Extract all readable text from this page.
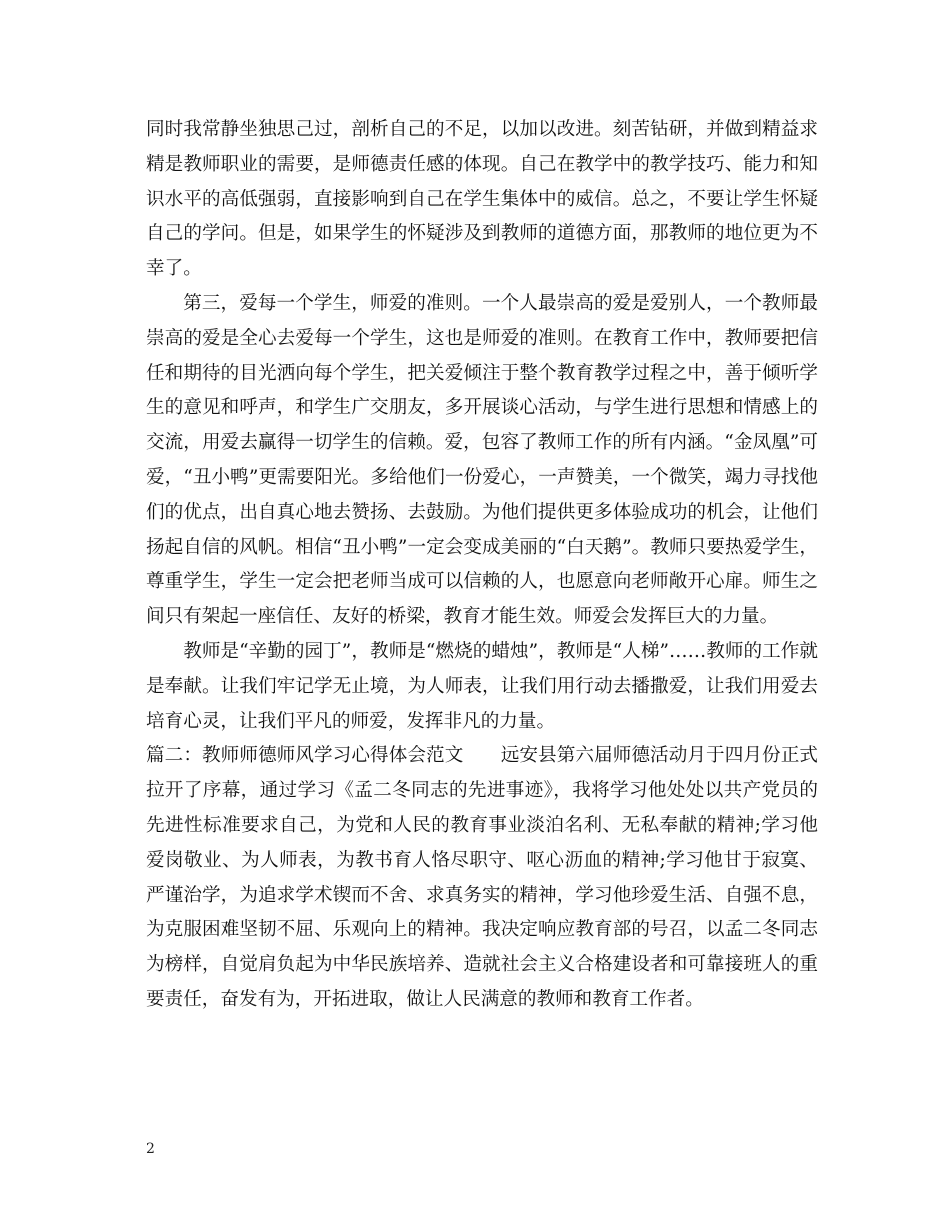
同时我常静坐独思己过，剖析自己的不足，以加以改进。刻苦钻研，并做到精益求精是教师职业的需要，是师德责任感的体现。自己在教学中的教学技巧、能力和知识水平的高低强弱，直接影响到自己在学生集体中的威信。总之，不要让学生怀疑自己的学问。但是，如果学生的怀疑涉及到教师的道德方面，那教师的地位更为不幸了。

第三，爱每一个学生，师爱的准则。一个人最崇高的爱是爱别人，一个教师最崇高的爱是全心去爱每一个学生，这也是师爱的准则。在教育工作中，教师要把信任和期待的目光洒向每个学生，把关爱倾注于整个教育教学过程之中，善于倾听学生的意见和呼声，和学生广交朋友，多开展谈心活动，与学生进行思想和情感上的交流，用爱去赢得一切学生的信赖。爱，包容了教师工作的所有内涵。“金凤凰”可爱，“丑小鸭”更需要阳光。多给他们一份爱心，一声赞美，一个微笑，竭力寻找他们的优点，出自真心地去赞扬、去鼓励。为他们提供更多体验成功的机会，让他们扬起自信的风帆。相信“丑小鸭”一定会变成美丽的“白天鹅”。教师只要热爱学生，尊重学生，学生一定会把老师当成可以信赖的人，也愿意向老师敞开心扉。师生之间只有架起一座信任、友好的桥梁，教育才能生效。师爱会发挥巨大的力量。

教师是“辛勤的园丁”，教师是“燃烧的蜡烛”，教师是“人梯”……教师的工作就是奉献。让我们牢记学无止境，为人师表，让我们用行动去播撒爱，让我们用爱去培育心灵，让我们平凡的师爱，发挥非凡的力量。

篇二：教师师德师风学习心得体会范文　　远安县第六届师德活动月于四月份正式拉开了序幕，通过学习《孟二冬同志的先进事迹》，我将学习他处处以共产党员的先进性标准要求自己，为党和人民的教育事业淡泊名利、无私奉献的精神;学习他爱岗敬业、为人师表，为教书育人恪尽职守、呕心沥血的精神;学习他甘于寂寞、严谨治学，为追求学术锲而不舍、求真务实的精神，学习他珍爱生活、自强不息，为克服困难坚韧不屈、乐观向上的精神。我决定响应教育部的号召，以孟二冬同志为榜样，自觉肩负起为中华民族培养、造就社会主义合格建设者和可靠接班人的重要责任，奋发有为，开拓进取，做让人民满意的教师和教育工作者。

2
